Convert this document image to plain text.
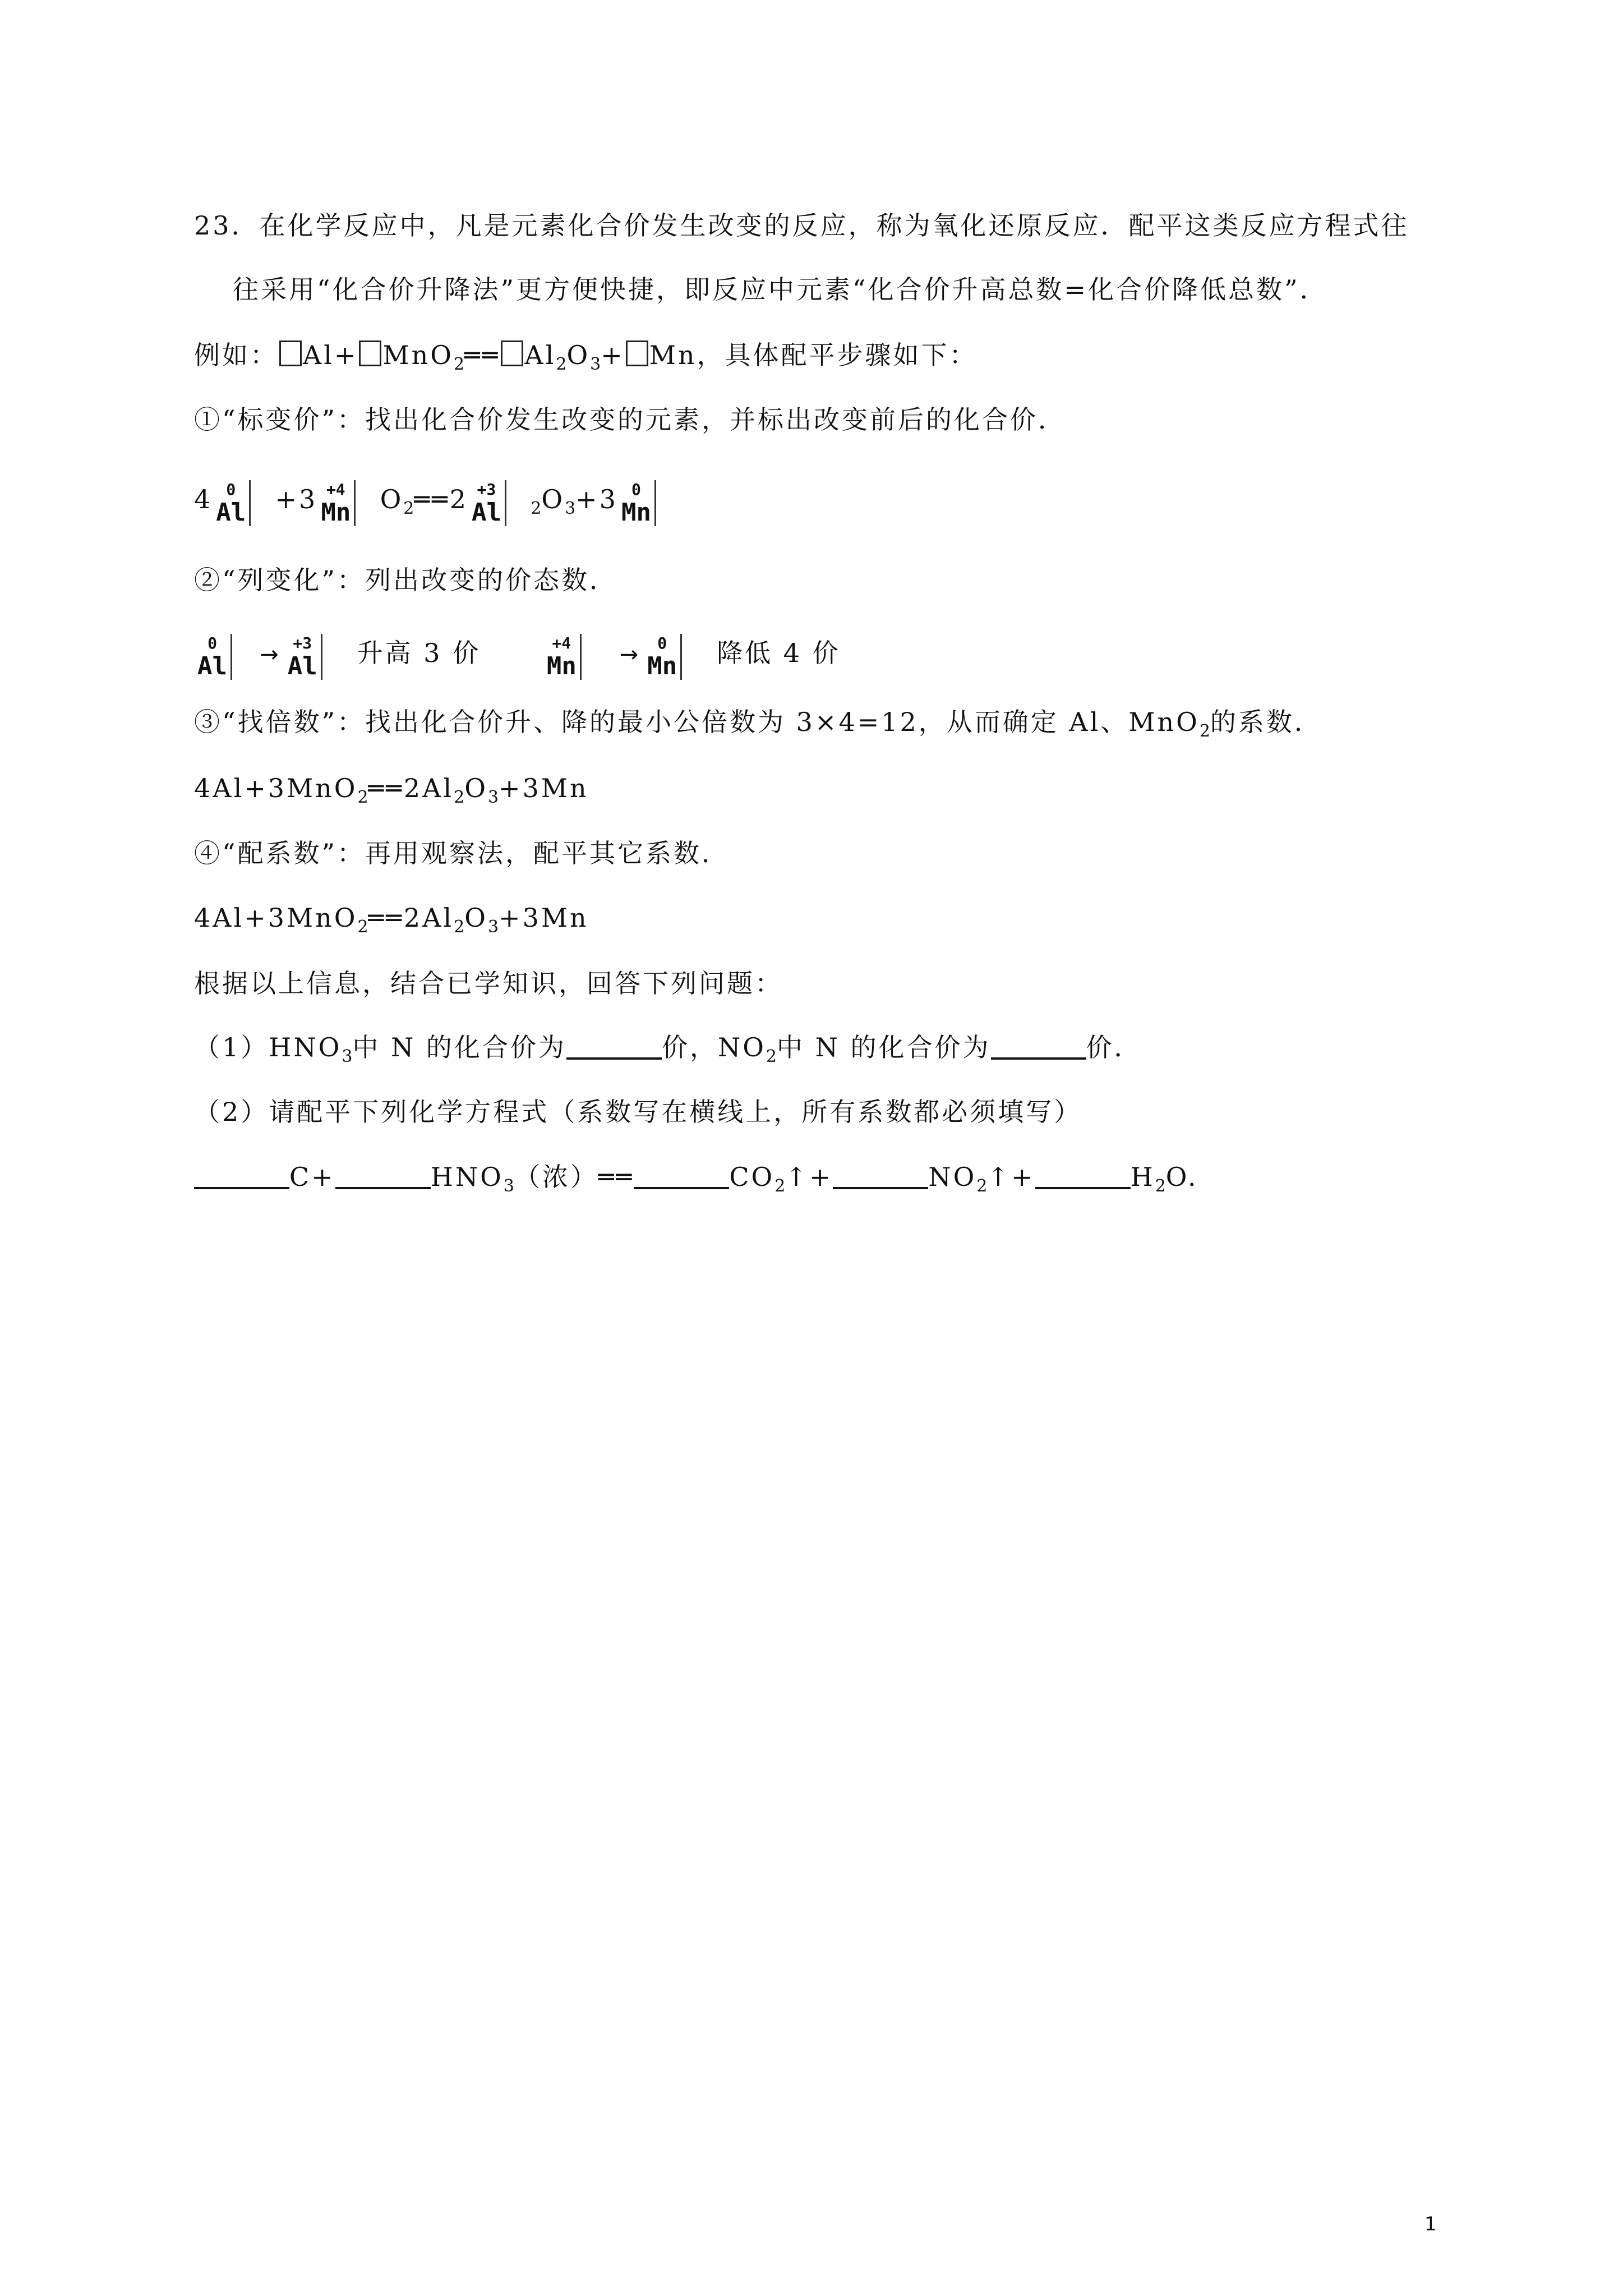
23．在化学反应中，凡是元素化合价发生改变的反应，称为氧化还原反应．配平这类反应方程式往
往采用“化合价升降法”更方便快捷，即反应中元素“化合价升高总数=化合价降低总数”．
例如： Al+ MnO$_2$══ $Al_2O_3+ Mn$，具体配平步骤如下：
①“标变价”：找出化合价发生改变的元素，并标出改变前后的化合价．
4 0
Al +3 +4
Mn $O_2══2 +3$
Al $_2O_3+3$ 0
Mn
②“列变化”：列出改变的价态数．
0
Al → +3
Al 升高 3 价	+4
Mn →	0
Mn 降低 4 价
③“找倍数”：找出化合价升、降的最小公倍数为 3×4=12，从而确定 Al、MnO$_2$的系数．
$4Al+3MnO_2══2Al_2O_3+3Mn$
④“配系数”：再用观察法，配平其它系数．
$4Al+3MnO_2══2Al_2O_3+3Mn$
根据以上信息，结合已学知识，回答下列问题：
$(1)HNO_3$中 N 的化合价为	价，$NO_2$中 N 的化合价为	价．
（2）请配平下列化学方程式（系数写在横线上，所有系数都必须填写）
C+	$HNO_3$（浓）══	$CO_2↑+$	$NO_2↑+$	$H_2O$.
1
